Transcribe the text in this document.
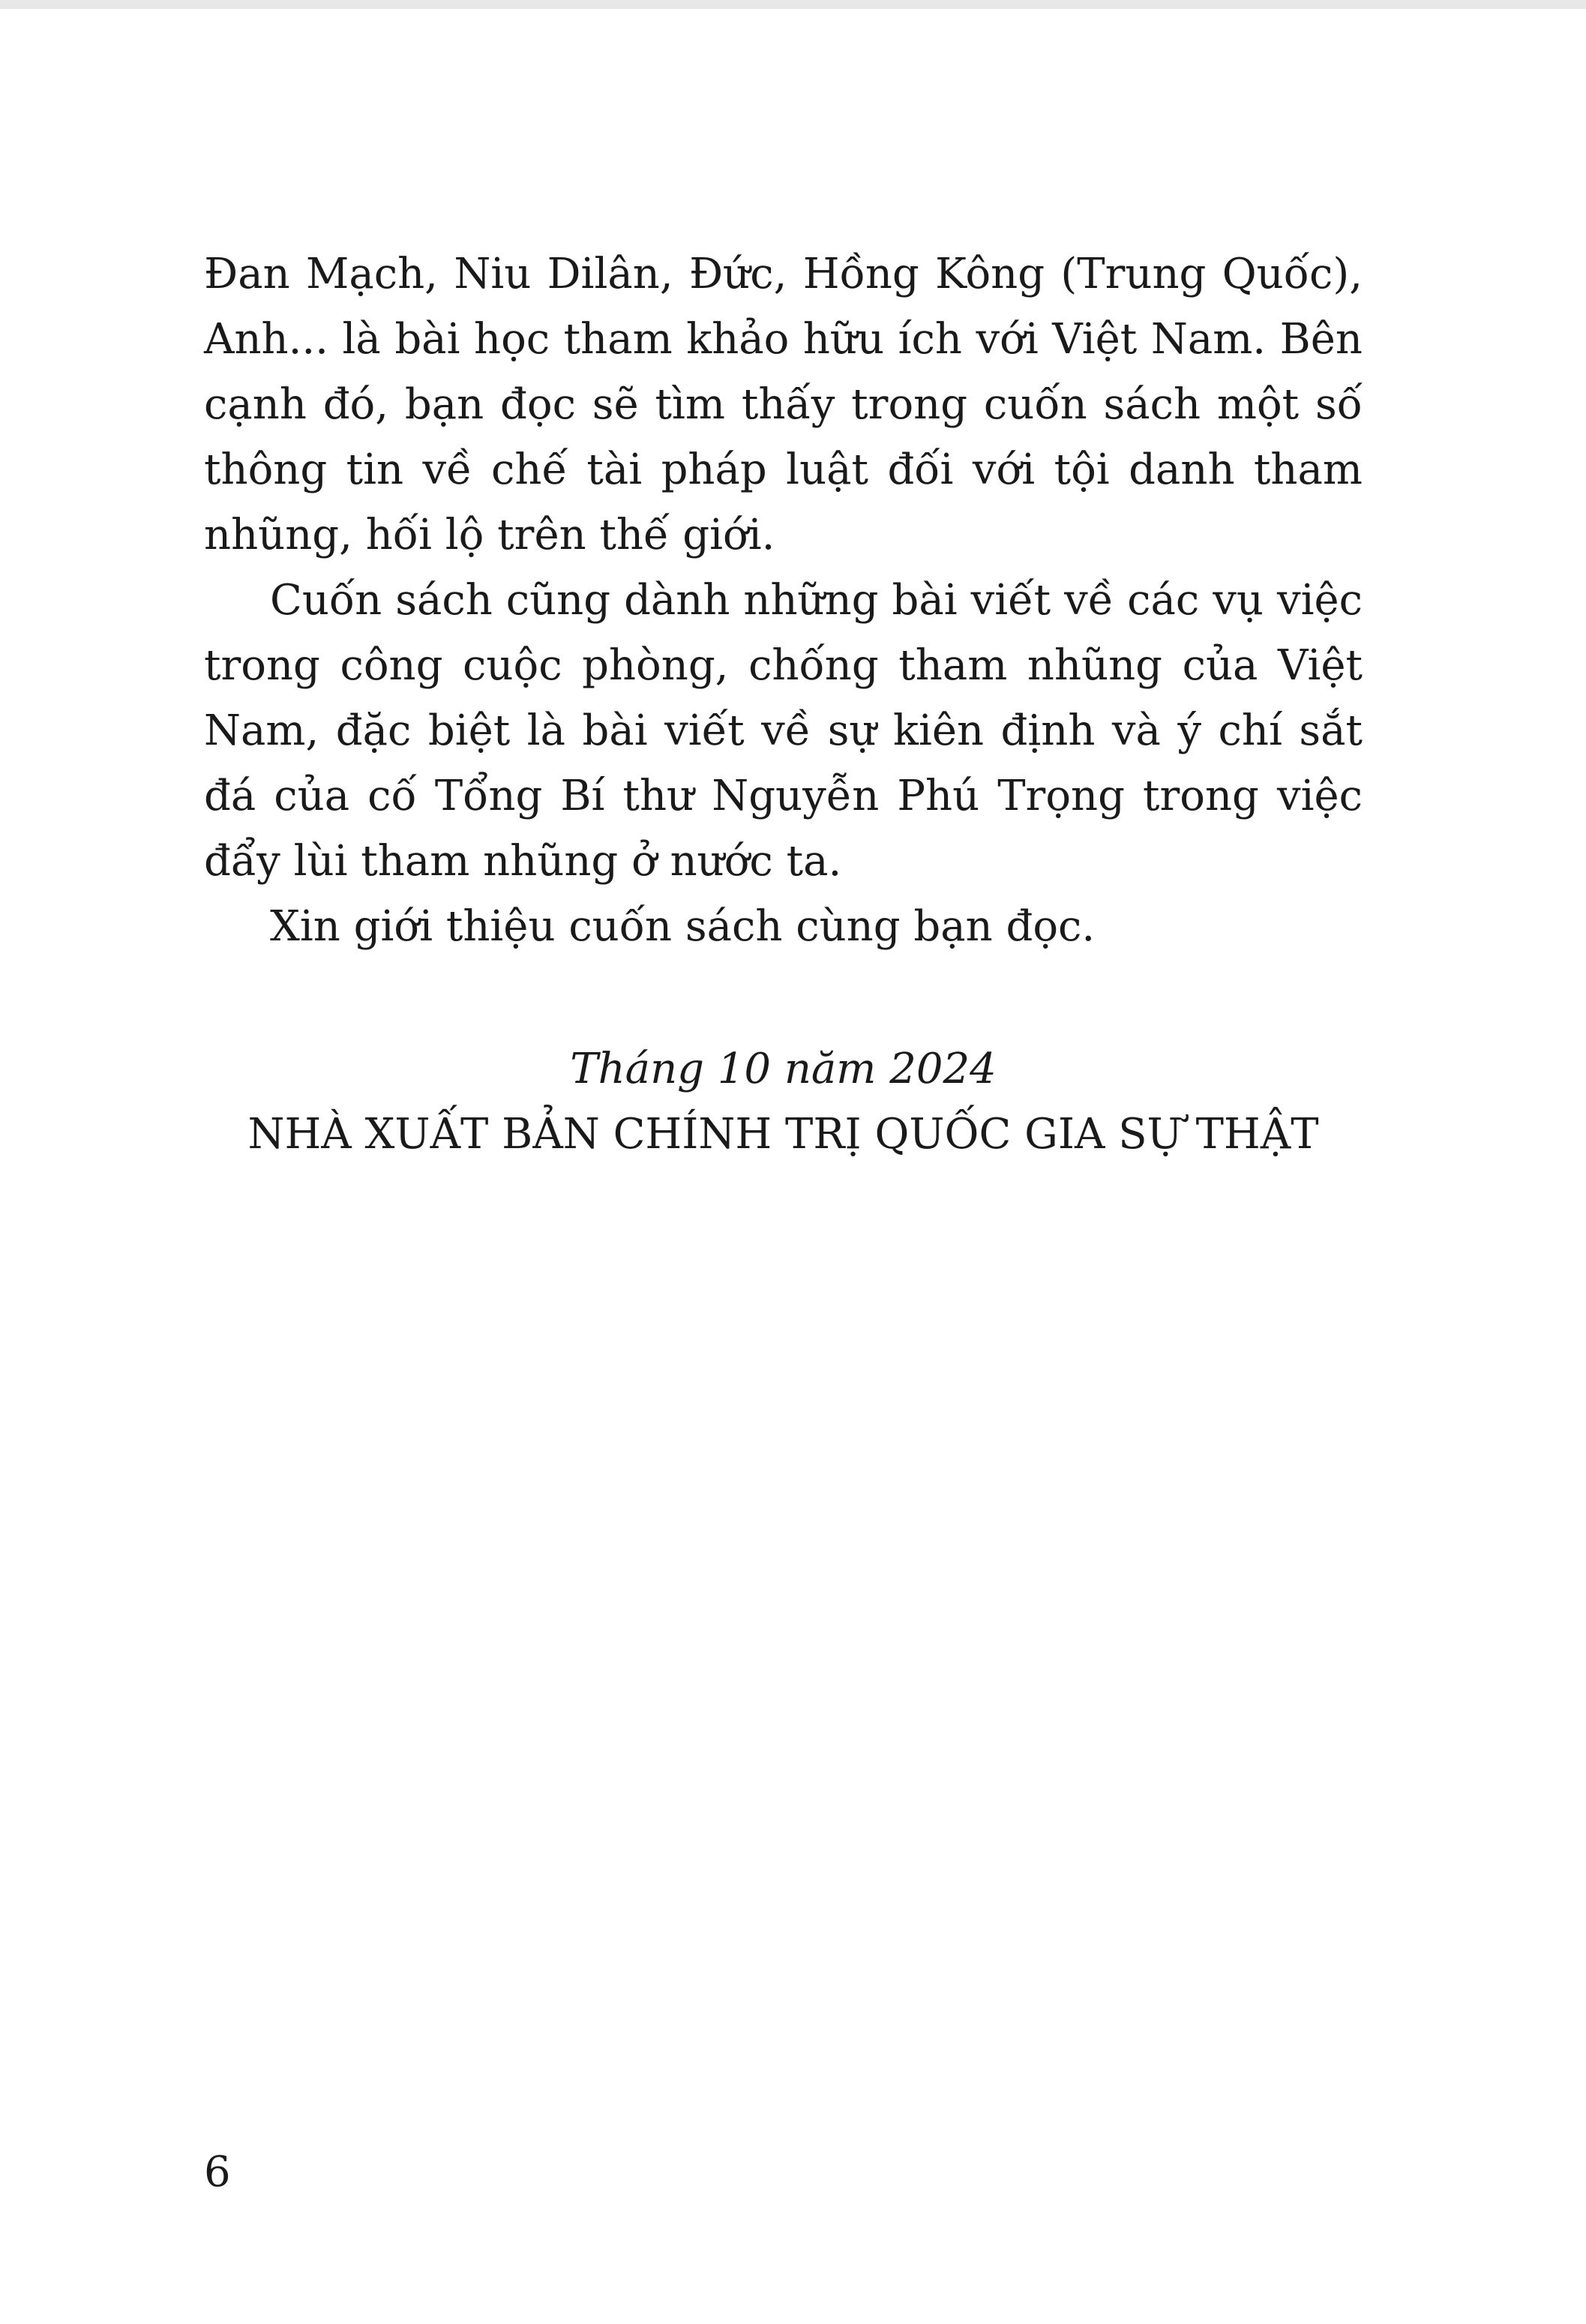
Đan Mạch, Niu Dilân, Đức, Hồng Kông (Trung Quốc), Anh... là bài học tham khảo hữu ích với Việt Nam. Bên cạnh đó, bạn đọc sẽ tìm thấy trong cuốn sách một số thông tin về chế tài pháp luật đối với tội danh tham nhũng, hối lộ trên thế giới.

Cuốn sách cũng dành những bài viết về các vụ việc trong công cuộc phòng, chống tham nhũng của Việt Nam, đặc biệt là bài viết về sự kiên định và ý chí sắt đá của cố Tổng Bí thư Nguyễn Phú Trọng trong việc đẩy lùi tham nhũng ở nước ta.

Xin giới thiệu cuốn sách cùng bạn đọc.

Tháng 10 năm 2024

NHÀ XUẤT BẢN CHÍNH TRỊ QUỐC GIA SỰ THẬT

6
